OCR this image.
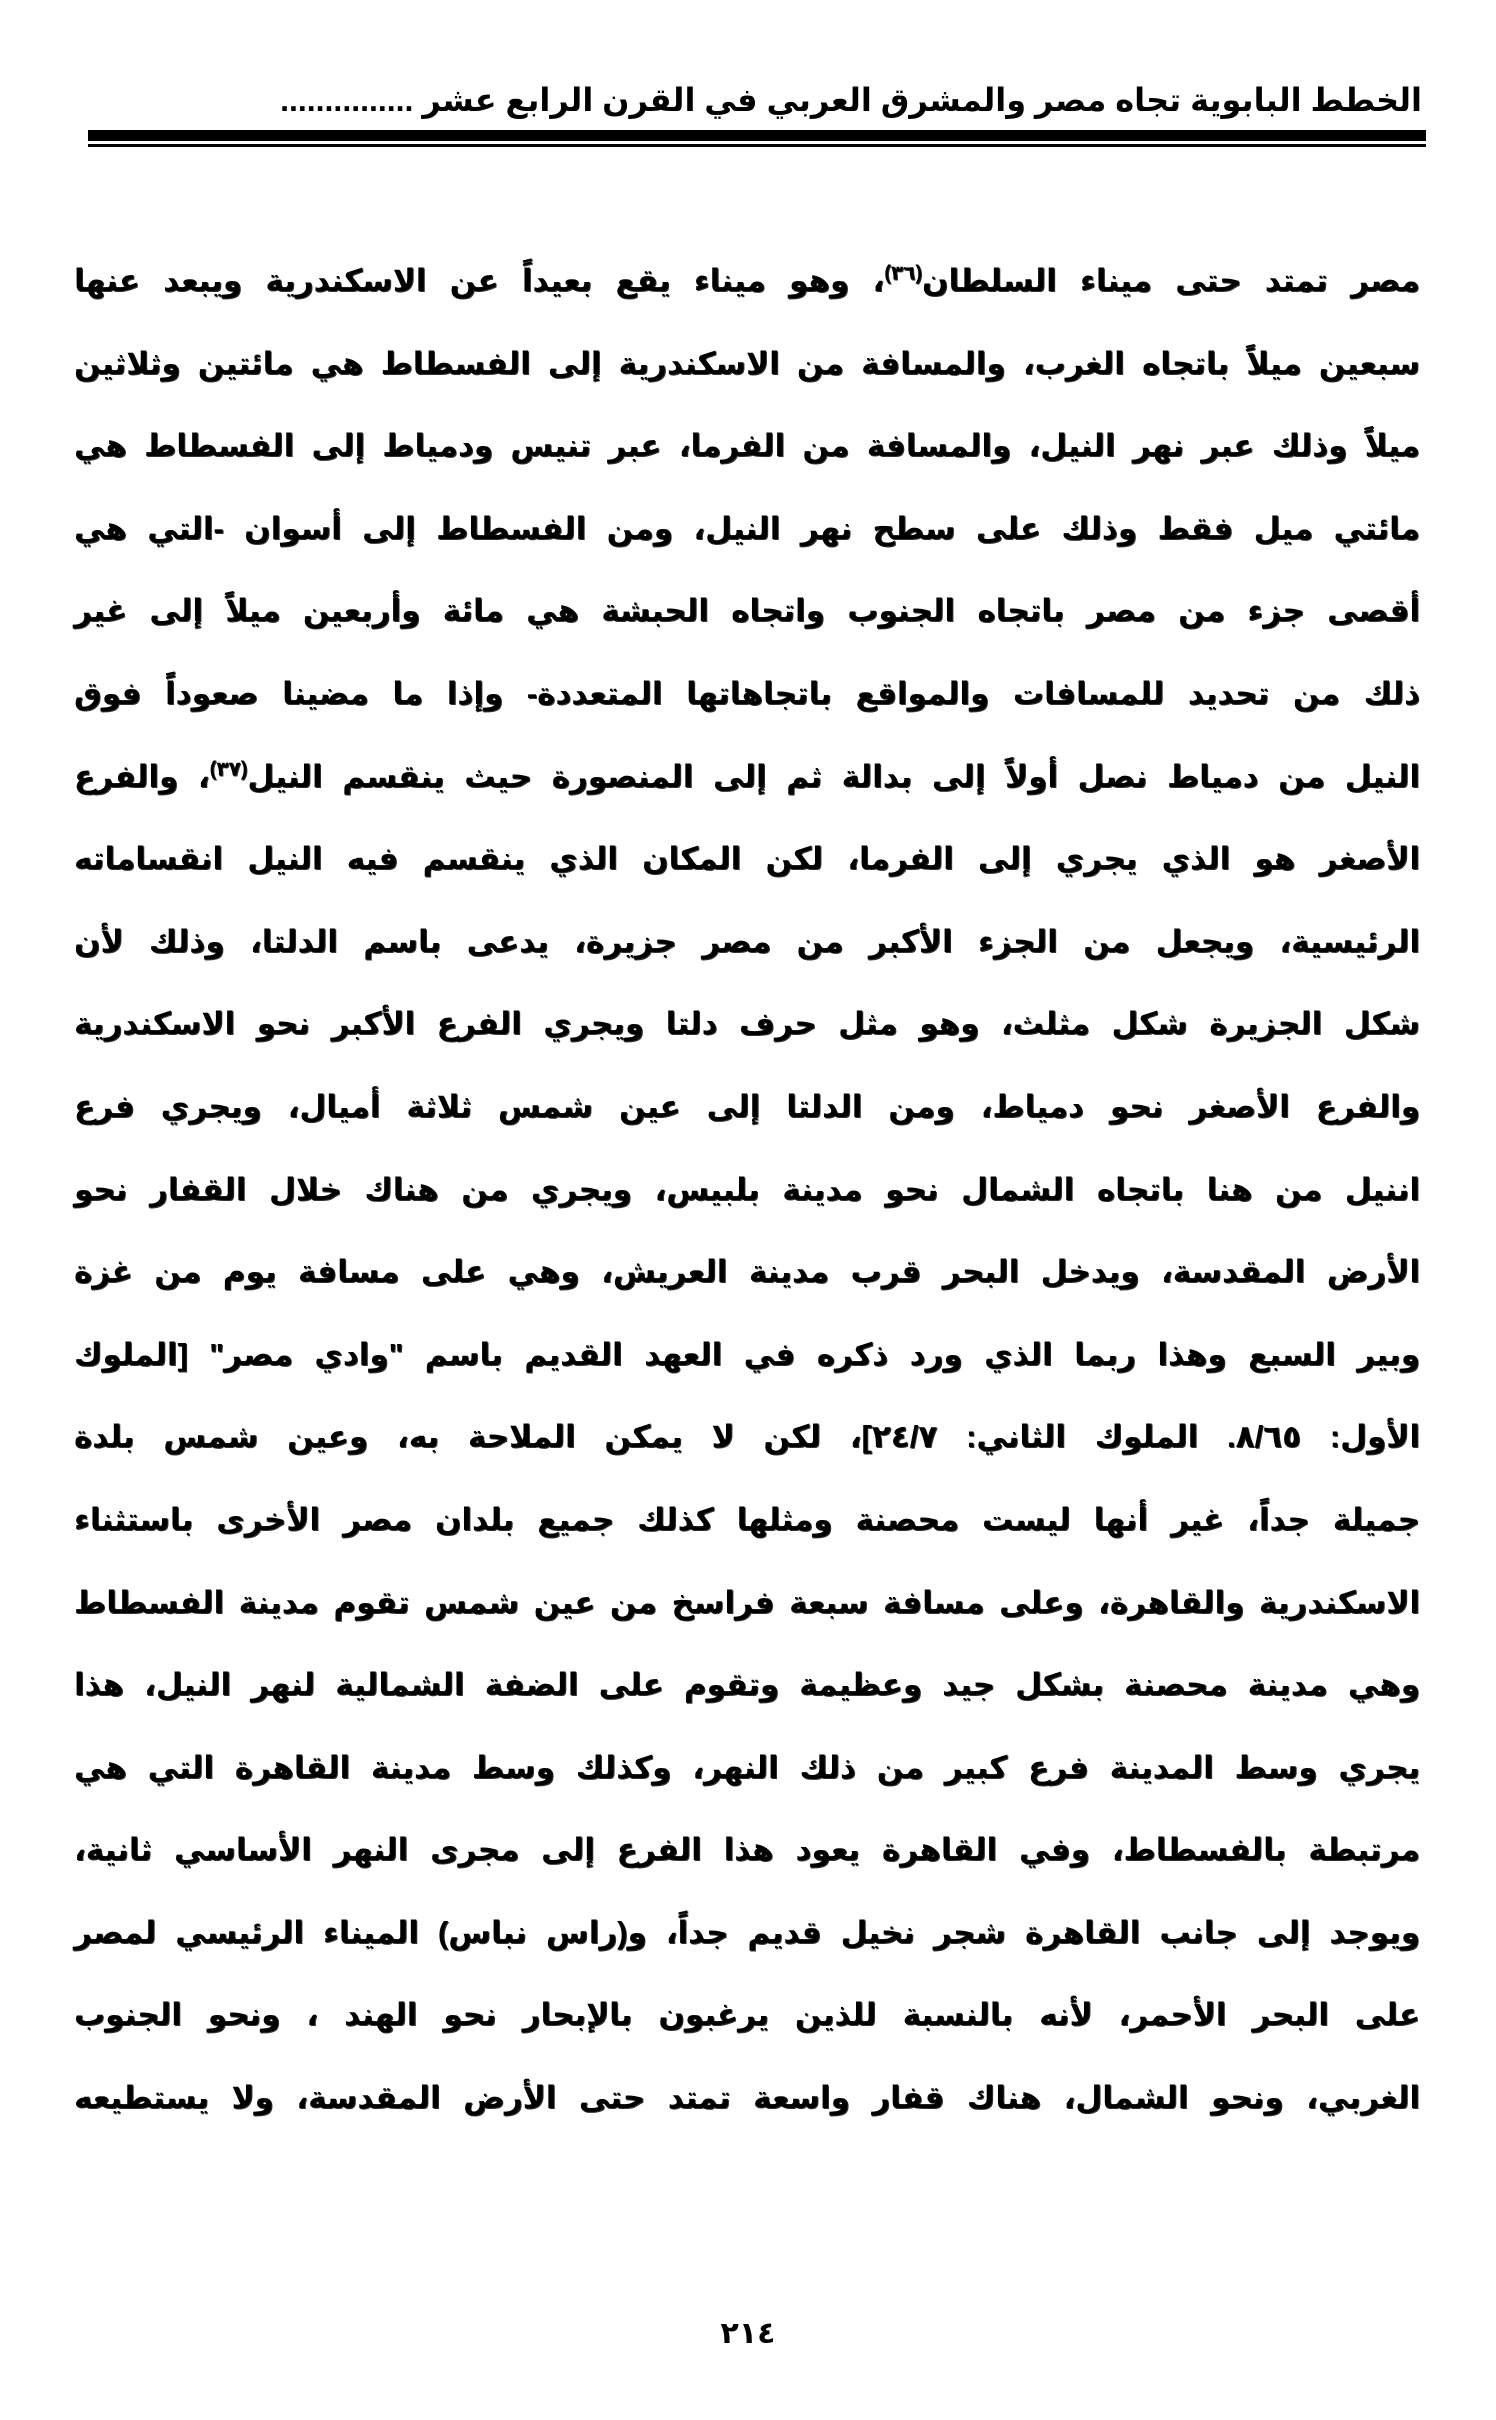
الخطط البابوية تجاه مصر والمشرق العربي في القرن الرابع عشر ...............
مصر تمتد حتى ميناء السلطان$^{(٣٦)}$، وهو ميناء يقع بعيداً عن الاسكندرية ويبعد عنها
سبعين ميلاً باتجاه الغرب، والمسافة من الاسكندرية إلى الفسطاط هي مائتين وثلاثين
ميلاً وذلك عبر نهر النيل، والمسافة من الفرما، عبر تنيس ودمياط إلى الفسطاط هي
مائتي ميل فقط وذلك على سطح نهر النيل، ومن الفسطاط إلى أسوان -التي هي
أقصى جزء من مصر باتجاه الجنوب واتجاه الحبشة هي مائة وأربعين ميلاً إلى غير
ذلك من تحديد للمسافات والمواقع باتجاهاتها المتعددة- وإذا ما مضينا صعوداً فوق
النيل من دمياط نصل أولاً إلى بدالة ثم إلى المنصورة حيث ينقسم النيل$^{(٣٧)}$، والفرع
الأصغر هو الذي يجري إلى الفرما، لكن المكان الذي ينقسم فيه النيل انقساماته
الرئيسية، ويجعل من الجزء الأكبر من مصر جزيرة، يدعى باسم الدلتا، وذلك لأن
شكل الجزيرة شكل مثلث، وهو مثل حرف دلتا ويجري الفرع الأكبر نحو الاسكندرية
والفرع الأصغر نحو دمياط، ومن الدلتا إلى عين شمس ثلاثة أميال، ويجري فرع
اننيل من هنا باتجاه الشمال نحو مدينة بلبيس، ويجري من هناك خلال القفار نحو
الأرض المقدسة، ويدخل البحر قرب مدينة العريش، وهي على مسافة يوم من غزة
وبير السبع وهذا ربما الذي ورد ذكره في العهد القديم باسم "وادي مصر" [الملوك
الأول: ٨/٦٥. الملوك الثاني: ٢٤/٧]، لكن لا يمكن الملاحة به، وعين شمس بلدة
جميلة جداً، غير أنها ليست محصنة ومثلها كذلك جميع بلدان مصر الأخرى باستثناء
الاسكندرية والقاهرة، وعلى مسافة سبعة فراسخ من عين شمس تقوم مدينة الفسطاط
وهي مدينة محصنة بشكل جيد وعظيمة وتقوم على الضفة الشمالية لنهر النيل، هذا
يجري وسط المدينة فرع كبير من ذلك النهر، وكذلك وسط مدينة القاهرة التي هي
مرتبطة بالفسطاط، وفي القاهرة يعود هذا الفرع إلى مجرى النهر الأساسي ثانية،
ويوجد إلى جانب القاهرة شجر نخيل قديم جداً، و(راس نباس) الميناء الرئيسي لمصر
على البحر الأحمر، لأنه بالنسبة للذين يرغبون بالإبحار نحو الهند ، ونحو الجنوب
الغربي، ونحو الشمال، هناك قفار واسعة تمتد حتى الأرض المقدسة، ولا يستطيعه
٢١٤
